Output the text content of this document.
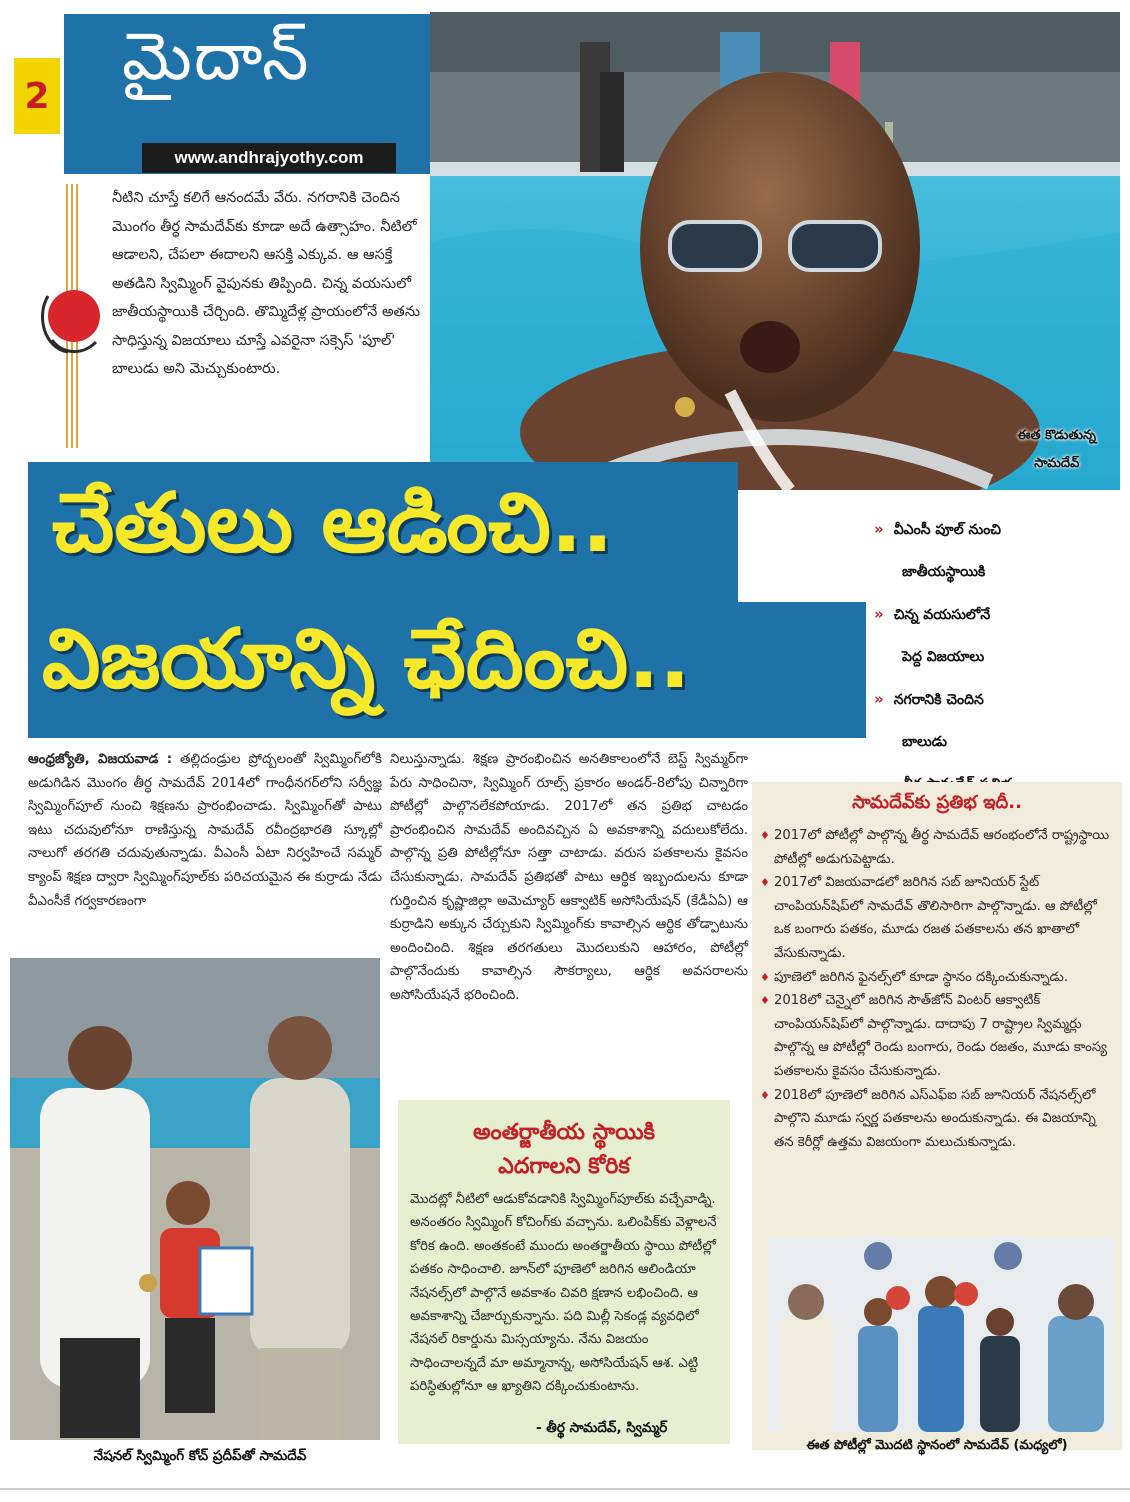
2
మైదాన్
www.andhrajyothy.com
నీటిని చూస్తే కలిగే ఆనందమే వేరు. నగరానికి చెందిన మొంగం తీర్ధ సామదేవ్‌కు కూడా అదే ఉత్సాహం. నీటిలో ఆడాలని, చేపలా ఈదాలని ఆసక్తి ఎక్కువ. ఆ ఆసక్తే అతడిని స్విమ్మింగ్‌ వైపునకు తిప్పింది. చిన్న వయసులో జాతీయస్థాయికి చేర్చింది. తొమ్మిదేళ్ల ప్రాయంలోనే అతను సాధిస్తున్న విజయాలు చూస్తే ఎవరైనా సక్సెస్‌ 'పూల్‌' బాలుడు అని మెచ్చుకుంటారు.
ఈత కొడుతున్న
సామదేవ్‌
చేతులు ఆడించి..
విజయాన్ని ఛేదించి..
» వీఎంసీ పూల్‌ నుంచి
జాతీయస్థాయికి
» చిన్న వయసులోనే
పెద్ద విజయాలు
» నగరానికి చెందిన
బాలుడు
ఆంధ్రజ్యోతి, విజయవాడ : తల్లిదండ్రుల ప్రోద్బలంతో స్విమ్మింగ్‌లోకి అడుగిడిన మొంగం తీర్ధ సామదేవ్‌ 2014లో గాంధీనగర్‌లోని సర్వీజ్ఞ స్విమ్మింగ్‌పూల్‌ నుంచి శిక్షణను ప్రారంభించాడు. స్విమ్మింగ్‌తో పాటు ఇటు చదువులోనూ రాణిస్తున్న సామదేవ్‌ రవీంద్రభారతి స్కూల్లో నాలుగో తరగతి చదువుతున్నాడు. వీఎంసీ ఏటా నిర్వహించే సమ్మర్‌ క్యాంప్‌ శిక్షణ ద్వారా స్విమ్మింగ్‌పూల్‌కు పరిచయమైన ఈ కుర్రాడు నేడు వీఎంసీకే గర్వకారణంగా
నేషనల్‌ స్విమ్మింగ్‌ కోచ్‌ ప్రదీప్‌తో సామదేవ్‌
నిలుస్తున్నాడు. శిక్షణ ప్రారంభించిన అనతికాలంలోనే బెస్ట్‌ స్విమ్మర్‌గా పేరు సాధించినా, స్విమ్మింగ్‌ రూల్స్‌ ప్రకారం అండర్‌-8లోపు చిన్నారిగా పోటీల్లో పాల్గొనలేకపోయాడు. 2017లో తన ప్రతిభ చాటడం ప్రారంభించిన సామదేవ్‌ అందివచ్చిన ఏ అవకాశాన్ని వదులుకోలేదు. పాల్గొన్న ప్రతి పోటీల్లోనూ సత్తా చాటాడు. వరుస పతకాలను కైవసం చేసుకున్నాడు. సామదేవ్‌ ప్రతిభతో పాటు ఆర్థిక ఇబ్బందులను కూడా గుర్తించిన కృష్ణాజిల్లా అమెచ్యూర్‌ ఆక్వాటిక్‌ అసోసియేషన్‌ (కేడీఏఏ) ఆ కుర్రాడిని అక్కున చేర్చుకుని స్విమ్మింగ్‌కు కావాల్సిన ఆర్థిక తోడ్పాటును అందించింది. శిక్షణ తరగతులు మొదలుకుని ఆహారం, పోటీల్లో పాల్గొనేందుకు కావాల్సిన సౌకర్యాలు, ఆర్థిక అవసరాలను అసోసియేషనే భరించింది.
అంతర్జాతీయ స్థాయికి
ఎదగాలని కోరిక
మొదట్లో నీటిలో ఆడుకోవడానికి స్విమ్మింగ్‌పూల్‌కు వచ్చేవాడ్ని. అనంతరం స్విమ్మింగ్‌ కోచింగ్‌కు వచ్చాను. ఒలింపిక్‌కు వెళ్లాలనే కోరిక ఉంది. అంతకంటే ముందు అంతర్జాతీయ స్థాయి పోటీల్లో పతకం సాధించాలి. జూన్‌లో పూణెలో జరిగిన ఆలిండియా నేషనల్స్‌లో పాల్గొనే అవకాశం చివరి క్షణాన లభించింది. ఆ అవకాశాన్ని చేజార్చుకున్నాను. పది మిల్లీ సెకండ్ల వ్యవధిలో నేషనల్‌ రికార్డును మిస్సయ్యాను. నేను విజయం సాధించాలన్నదే మా అమ్మానాన్న, అసోసియేషన్‌ ఆశ. ఎట్టి పరిస్థితుల్లోనూ ఆ ఖ్యాతిని దక్కించుకుంటాను.
- తీర్థ సామదేవ్‌, స్విమ్మర్‌
సామదేవ్‌కు ప్రతిభ ఇదీ..
♦ 2017లో పోటీల్లో పాల్గొన్న తీర్థ సామదేవ్‌ ఆరంభంలోనే రాష్ట్రస్థాయి పోటీల్లో అడుగుపెట్టాడు.
♦ 2017లో విజయవాడలో జరిగిన సబ్‌ జూనియర్‌ స్టేట్‌ చాంపియన్‌షిప్‌లో సామదేవ్‌ తొలిసారిగా పాల్గొన్నాడు. ఆ పోటీల్లో ఒక బంగారు పతకం, మూడు రజత పతకాలను తన ఖాతాలో వేసుకున్నాడు.
♦ పూణెలో జరిగిన ఫైనల్స్‌లో కూడా స్థానం దక్కించుకున్నాడు.
♦ 2018లో చెన్నైలో జరిగిన సౌత్‌జోన్‌ వింటర్‌ ఆక్వాటిక్‌ చాంపియన్‌షిప్‌లో పాల్గొన్నాడు. దాదాపు 7 రాష్ట్రాల స్విమ్మర్లు పాల్గొన్న ఆ పోటీల్లో రెండు బంగారు, రెండు రజతం, మూడు కాంస్య పతకాలను కైవసం చేసుకున్నాడు.
♦ 2018లో పూణెలో జరిగిన ఎస్‌ఎఫ్‌ఐ సబ్‌ జూనియర్‌ నేషనల్స్‌లో పాల్గొని మూడు స్వర్ణ పతకాలను అందుకున్నాడు. ఈ విజయాన్ని తన కెరీర్లో ఉత్తమ విజయంగా మలుచుకున్నాడు.
ఈత పోటీల్లో మొదటి స్థానంలో సామదేవ్‌ (మధ్యలో)
